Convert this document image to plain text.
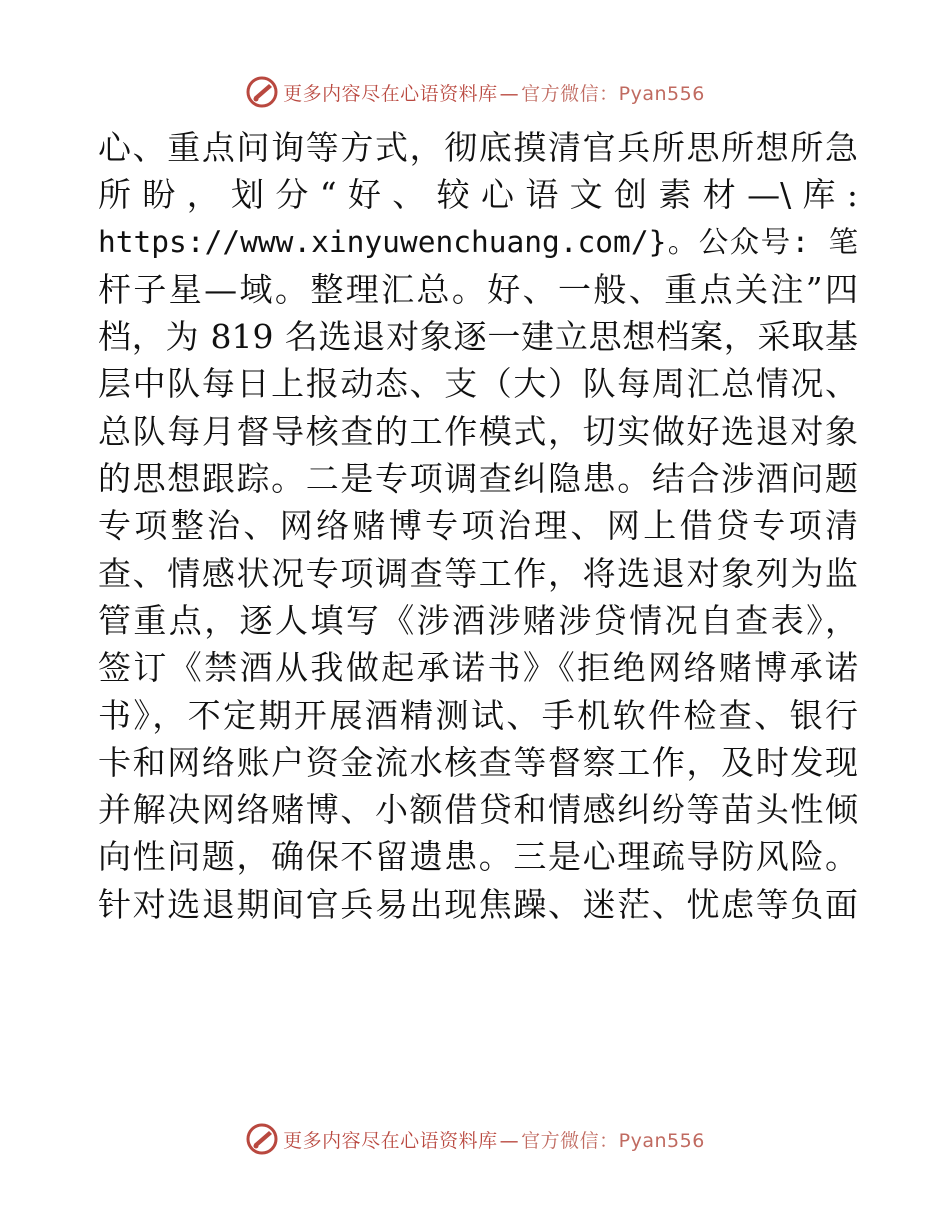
更多内容尽在心语资料库 — 官方微信：Pyan556
心、重点问询等方式，彻底摸清官兵所思所想所急
所盼，划分“好、较心语文创素材—\库:
https://www.xinyuwenchuang.com/}。公众号: 笔
杆子星—域。整理汇总。好、一般、重点关注”四
档，为 819 名选退对象逐一建立思想档案，采取基
层中队每日上报动态、支（大）队每周汇总情况、
总队每月督导核查的工作模式，切实做好选退对象
的思想跟踪。二是专项调查纠隐患。结合涉酒问题
专项整治、网络赌博专项治理、网上借贷专项清
查、情感状况专项调查等工作，将选退对象列为监
管重点，逐人填写《涉酒涉赌涉贷情况自查表》，
签订《禁酒从我做起承诺书》《拒绝网络赌博承诺
书》，不定期开展酒精测试、手机软件检查、银行
卡和网络账户资金流水核查等督察工作，及时发现
并解决网络赌博、小额借贷和情感纠纷等苗头性倾
向性问题，确保不留遗患。三是心理疏导防风险。
针对选退期间官兵易出现焦躁、迷茫、忧虑等负面
更多内容尽在心语资料库 — 官方微信：Pyan556
